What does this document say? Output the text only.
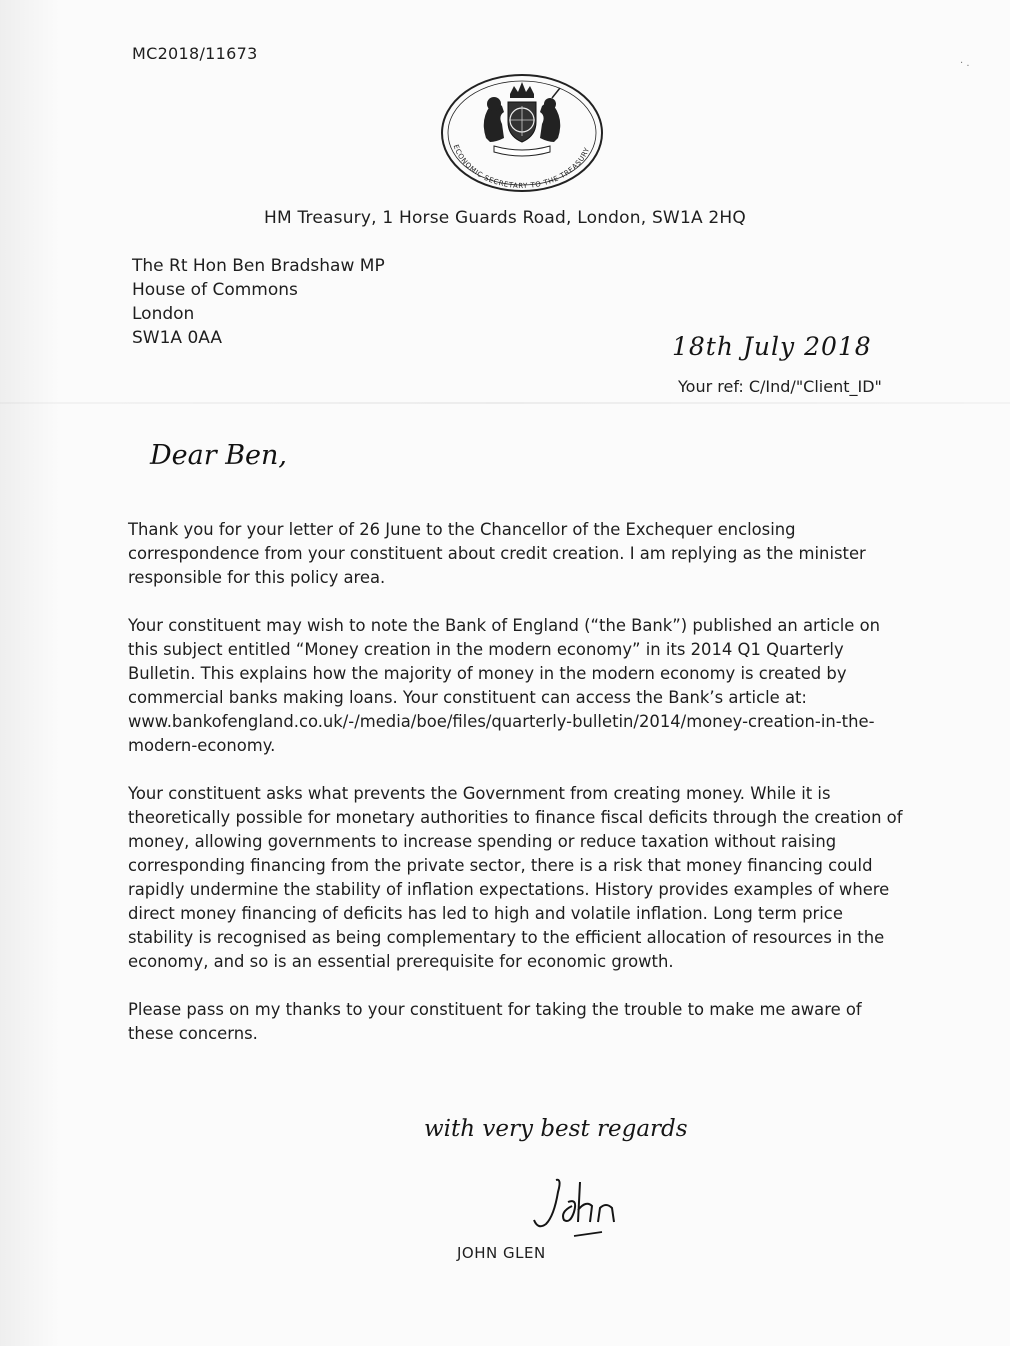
· .
MC2018/11673
ECONOMIC SECRETARY TO THE TREASURY
HM Treasury, 1 Horse Guards Road, London, SW1A 2HQ
The Rt Hon Ben Bradshaw MP
House of Commons
London
SW1A 0AA	18th July 2018
Your ref: C/Ind/"Client_ID"
Dear Ben,

Thank you for your letter of 26 June to the Chancellor of the Exchequer enclosing correspondence from your constituent about credit creation. I am replying as the minister responsible for this policy area.

Your constituent may wish to note the Bank of England (“the Bank”) published an article on this subject entitled “Money creation in the modern economy” in its 2014 Q1 Quarterly Bulletin. This explains how the majority of money in the modern economy is created by commercial banks making loans. Your constituent can access the Bank’s article at: www.bankofengland.co.uk/-/media/boe/files/quarterly-bulletin/2014/money-creation-in-the-modern-economy.

Your constituent asks what prevents the Government from creating money. While it is theoretically possible for monetary authorities to finance fiscal deficits through the creation of money, allowing governments to increase spending or reduce taxation without raising corresponding financing from the private sector, there is a risk that money financing could rapidly undermine the stability of inflation expectations. History provides examples of where direct money financing of deficits has led to high and volatile inflation. Long term price stability is recognised as being complementary to the efficient allocation of resources in the economy, and so is an essential prerequisite for economic growth.

Please pass on my thanks to your constituent for taking the trouble to make me aware of these concerns.

with very best regards
JOHN GLEN
